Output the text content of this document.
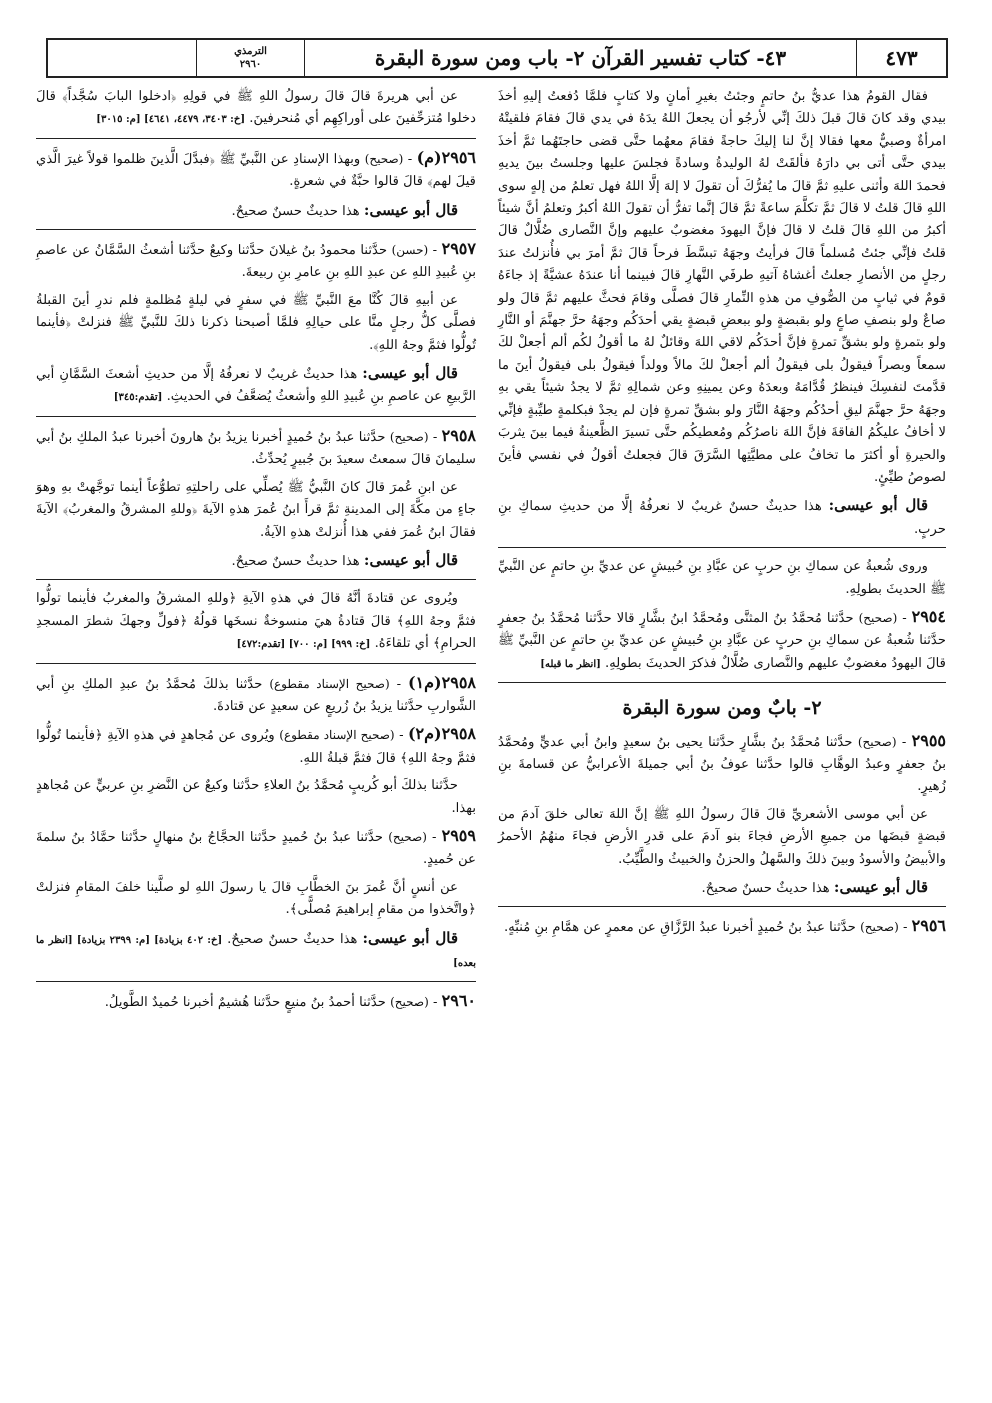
٤٧٣
٤٣- كتاب تفسير القرآن ٢- باب ومن سورة البقرة
الترمذي
٢٩٦٠

فقال القومُ هذا عديُّ بنُ حاتمٍ وجئتُ بغيرِ أمانٍ ولا كتابٍ فلمَّا دُفعتُ إليهِ أخذَ بيدي وقد كانَ قالَ قبلَ ذلكَ إنِّي لأرجُو أن يجعلَ اللهُ يدَهُ في يدي قالَ فقامَ فلقيتْهُ امرأةٌ وصبيٌّ معها فقالا إنَّ لنا إليكَ حاجةً فقامَ معهُما حتَّى قضى حاجتَهُما ثمَّ أخذَ بيدي حتَّى أتى بي دارَهُ فألقَتْ لهُ الوليدةُ وسادةً فجلسَ عليها وجلستُ بينَ يديهِ فحمدَ اللهَ وأثنى عليهِ ثمَّ قالَ ما يُفرُّكَ أن تقولَ لا إلهَ إلَّا اللهُ فهل تعلمُ من إلهٍ سوى اللهِ قالَ قلتُ لا قالَ ثمَّ تكلَّمَ ساعةً ثمَّ قالَ إنَّما تفرُّ أن تقولَ اللهُ أكبرُ وتعلمُ أنَّ شيئاً أكبرُ من اللهِ قالَ قلتُ لا قالَ فإنَّ اليهودَ مغضوبٌ عليهم وإنَّ النَّصارى ضُلَّالٌ قالَ قلتُ فإنِّي جئتُ مُسلماً قالَ فرأيتُ وجهَهُ تبسَّطَ فرحاً قالَ ثمَّ أمرَ بي فأُنزلتُ عندَ رجلٍ من الأنصارِ جعلتُ أغشاهُ آتيهِ طرفَي النَّهارِ قالَ فبينما أنا عندَهُ عشيَّةً إذ جاءَهُ قومٌ في ثيابٍ من الصُّوفِ من هذهِ النِّمارِ قالَ فصلَّى وقامَ فحثَّ عليهم ثمَّ قالَ ولو صاعٌ ولو بنصفِ صاعٍ ولو بقبضةٍ ولو ببعضِ قبضةٍ يقي أحدَكُم وجهَهُ حرَّ جهنَّمَ أو النَّارِ ولو بتمرةٍ ولو بشقِّ تمرةٍ فإنَّ أحدَكُم لاقي اللهَ وقائلٌ لهُ ما أقولُ لكُم ألم أجعلْ لكَ سمعاً وبصراً فيقولُ بلى فيقولُ ألم أجعلْ لكَ مالاً وولداً فيقولُ بلى فيقولُ أينَ ما قدَّمتَ لنفسِكَ فينظرُ قُدَّامَهُ وبعدَهُ وعن يمينِهِ وعن شمالِهِ ثمَّ لا يجدُ شيئاً يقي بهِ وجهَهُ حرَّ جهنَّمَ ليقِ أحدُكُم وجهَهُ النَّارَ ولو بشقِّ تمرةٍ فإن لم يجدْ فبكلمةٍ طيِّبةٍ فإنِّي لا أخافُ عليكُمُ الفاقةَ فإنَّ اللهَ ناصرُكُم ومُعطيكُم حتَّى تسيرَ الظَّعينةُ فيما بينَ يثربَ والحيرةِ أو أكثرَ ما تخافُ على مطيَّتِها السَّرَقَ قالَ فجعلتُ أقولُ في نفسي فأينَ لصوصُ طيِّئٍ.

قال أبو عيسى: هذا حديثٌ حسنٌ غريبٌ لا نعرفُهُ إلَّا من حديثِ سماكِ بنِ حربٍ.

وروى شُعبةُ عن سماكِ بنِ حربٍ عن عبَّادِ بنِ حُبيشٍ عن عديِّ بنِ حاتمٍ عن النَّبيِّ ﷺ الحديثَ بطولِهِ.

٢٩٥٤ - (صحيح) حدَّثنا مُحمَّدُ بنُ المثنَّى ومُحمَّدُ ابنُ بشَّارٍ قالا حدَّثنا مُحمَّدُ بنُ جعفرٍ حدَّثنا شُعبةُ عن سماكِ بنِ حربٍ عن عبَّادِ بنِ حُبيشٍ عن عديِّ بنِ حاتمٍ عن النَّبيِّ ﷺ قالَ اليهودُ مغضوبٌ عليهم والنَّصارى ضُلَّالٌ فذكرَ الحديثَ بطولِهِ. [انظر ما قبله]

٢- بابٌ ومن سورة البقرة

٢٩٥٥ - (صحيح) حدَّثنا مُحمَّدُ بنُ بشَّارٍ حدَّثنا يحيى بنُ سعيدٍ وابنُ أبي عديٍّ ومُحمَّدُ بنُ جعفرٍ وعبدُ الوهَّابِ قالوا حدَّثنا عوفُ بنُ أبي جميلةَ الأعرابيُّ عن قسامةَ بنِ زُهيرٍ.

عن أبي موسى الأشعريِّ قالَ قالَ رسولُ اللهِ ﷺ إنَّ اللهَ تعالى خلقَ آدمَ من قبضةٍ قبضَها من جميعِ الأرضِ فجاءَ بنو آدمَ على قدرِ الأرضِ فجاءَ منهُمُ الأحمرُ والأبيضُ والأسودُ وبينَ ذلكَ والسَّهلُ والحزنُ والخبيثُ والطَّيِّبُ.

قال أبو عيسى: هذا حديثٌ حسنٌ صحيحٌ.

٢٩٥٦ - (صحيح) حدَّثنا عبدُ بنُ حُميدٍ أخبرنا عبدُ الرَّزَّاقِ عن معمرٍ عن همَّامِ بنِ مُنبِّهٍ.

عن أبي هريرةَ قالَ قالَ رسولُ اللهِ ﷺ في قولِهِ ﴿ادخلوا البابَ سُجَّداً﴾ قالَ دخلوا مُتزحِّفينَ على أوراكِهِم أي مُنحرفينَ. [خ: ٣٤٠٣، ٤٤٧٩، ٤٦٤١] [م: ٣٠١٥]

٢٩٥٦(م) - (صحيح) وبهذا الإسنادِ عن النَّبيِّ ﷺ ﴿فبدَّلَ الَّذينَ ظلموا قولاً غيرَ الَّذي قيلَ لهم﴾ قالَ قالوا حبَّةٌ في شعرةٍ.

قال أبو عيسى: هذا حديثٌ حسنٌ صحيحٌ.

٢٩٥٧ - (حسن) حدَّثنا محمودُ بنُ غيلانَ حدَّثنا وكيعٌ حدَّثنا أشعثُ السَّمَّانُ عن عاصمِ بنِ عُبيدِ اللهِ عن عبدِ اللهِ بنِ عامرِ بنِ ربيعةَ.

عن أبيهِ قالَ كُنَّا معَ النَّبيِّ ﷺ في سفرٍ في ليلةٍ مُظلمةٍ فلم ندرِ أينَ القبلةُ فصلَّى كلُّ رجلٍ منَّا على حيالِهِ فلمَّا أصبحنا ذكرنا ذلكَ للنَّبيِّ ﷺ فنزلتْ ﴿فأينما تُولُّوا فثمَّ وجهُ اللهِ﴾.

قال أبو عيسى: هذا حديثٌ غريبٌ لا نعرفُهُ إلَّا من حديثِ أشعثَ السَّمَّانِ أبي الرَّبيعِ عن عاصمِ بنِ عُبيدِ اللهِ وأشعثُ يُضعَّفُ في الحديثِ. [تقدم:٣٤٥]

٢٩٥٨ - (صحيح) حدَّثنا عبدُ بنُ حُميدٍ أخبرنا يزيدُ بنُ هارونَ أخبرنا عبدُ الملكِ بنُ أبي سليمانَ قالَ سمعتُ سعيدَ بنَ جُبيرٍ يُحدِّثُ.

عن ابنِ عُمرَ قالَ كانَ النَّبيُّ ﷺ يُصلِّي على راحلتِهِ تطوُّعاً أينما توجَّهتْ بهِ وهوَ جاءٍ من مكَّةَ إلى المدينةِ ثمَّ قرأَ ابنُ عُمرَ هذهِ الآيةَ ﴿وللهِ المشرقُ والمغربُ﴾ الآيةَ فقالَ ابنُ عُمرَ ففي هذا أُنزلتْ هذهِ الآيةُ.

قال أبو عيسى: هذا حديثٌ حسنٌ صحيحٌ.

ويُروى عن قتادةَ أنَّهُ قالَ في هذهِ الآيةِ ﴿وللهِ المشرقُ والمغربُ فأينما تولُّوا فثمَّ وجهُ اللهِ﴾ قالَ قتادةُ هيَ منسوخةٌ نسخَها قولُهُ ﴿فولِّ وجهكَ شطرَ المسجدِ الحرامِ﴾ أي تلقاءَهُ. [خ: ٩٩٩] [م: ٧٠٠] [تقدم:٤٧٢]

٢٩٥٨(م١) - (صحيح الإسناد مقطوع) حدَّثنا بذلكَ مُحمَّدُ بنُ عبدِ الملكِ بنِ أبي الشَّواربِ حدَّثنا يزيدُ بنُ زُريعٍ عن سعيدٍ عن قتادةَ.

٢٩٥٨(م٢) - (صحيح الإسناد مقطوع) ويُروى عن مُجاهدٍ في هذهِ الآيةِ ﴿فأينما تُولُّوا فثمَّ وجهُ اللهِ﴾ قالَ فثمَّ قبلةُ اللهِ.

حدَّثنا بذلكَ أبو كُريبٍ مُحمَّدُ بنُ العلاءِ حدَّثنا وكيعٌ عن النَّضرِ بنِ عربيٍّ عن مُجاهدٍ بهذا.

٢٩٥٩ - (صحيح) حدَّثنا عبدُ بنُ حُميدٍ حدَّثنا الحجَّاجُ بنُ منهالٍ حدَّثنا حمَّادُ بنُ سلمةَ عن حُميدٍ.

عن أنسٍ أنَّ عُمرَ بنَ الخطَّابِ قالَ يا رسولَ اللهِ لو صلَّينا خلفَ المقامِ فنزلتْ ﴿واتَّخذوا من مقامِ إبراهيمَ مُصلًّى﴾.

قال أبو عيسى: هذا حديثٌ حسنٌ صحيحٌ. [خ: ٤٠٢ بزيادة] [م: ٢٣٩٩ بزيادة] [انظر ما بعده]

٢٩٦٠ - (صحيح) حدَّثنا أحمدُ بنُ منيعٍ حدَّثنا هُشيمٌ أخبرنا حُميدٌ الطَّويلُ.
